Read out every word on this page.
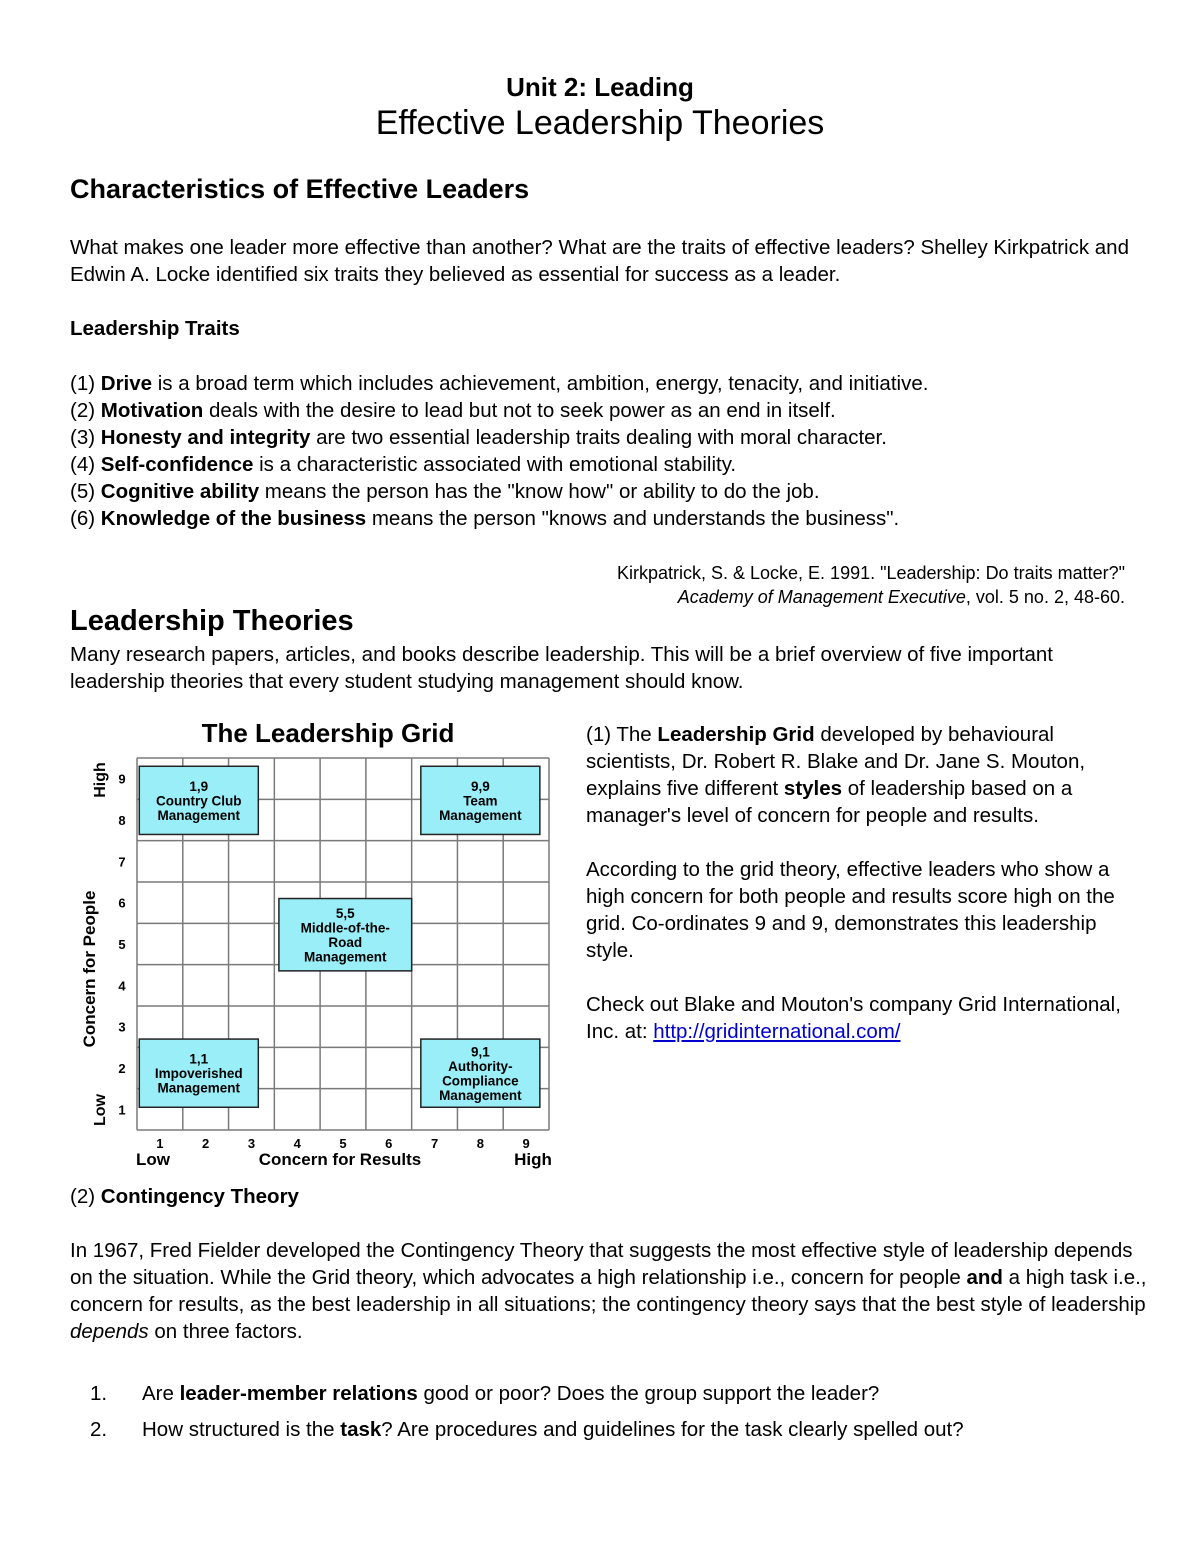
Unit 2: Leading
Effective Leadership Theories
Characteristics of Effective Leaders
What makes one leader more effective than another? What are the traits of effective leaders? Shelley Kirkpatrick and Edwin A. Locke identified six traits they believed as essential for success as a leader.
Leadership Traits
(1) Drive is a broad term which includes achievement, ambition, energy, tenacity, and initiative.
(2) Motivation deals with the desire to lead but not to seek power as an end in itself.
(3) Honesty and integrity are two essential leadership traits dealing with moral character.
(4) Self-confidence is a characteristic associated with emotional stability.
(5) Cognitive ability means the person has the "know how" or ability to do the job.
(6) Knowledge of the business means the person "knows and understands the business".
Kirkpatrick, S. & Locke, E. 1991. "Leadership: Do traits matter?"
Academy of Management Executive, vol. 5 no. 2, 48-60.
Leadership Theories
Many research papers, articles, and books describe leadership. This will be a brief overview of five important leadership theories that every student studying management should know.
The Leadership Grid
1,9
Country Club
Management
9,9
Team
Management
5,5
Middle-of-the-
Road
Management
1,1
Impoverished
Management
9,1
Authority-
Compliance
Management
1
2
3
4
5
6
7
8
9
1	2	3	4	5	6	7	8	9
High
Low
Concern for People
Low	Concern for Results	High

(1) The Leadership Grid developed by behavioural scientists, Dr. Robert R. Blake and Dr. Jane S. Mouton, explains five different styles of leadership based on a manager's level of concern for people and results.

According to the grid theory, effective leaders who show a high concern for both people and results score high on the grid. Co-ordinates 9 and 9, demonstrates this leadership style.

Check out Blake and Mouton's company Grid International, Inc. at: http://gridinternational.com/

(2) Contingency Theory
In 1967, Fred Fielder developed the Contingency Theory that suggests the most effective style of leadership depends on the situation. While the Grid theory, which advocates a high relationship i.e., concern for people and a high task i.e., concern for results, as the best leadership in all situations; the contingency theory says that the best style of leadership depends on three factors.
1. Are leader-member relations good or poor? Does the group support the leader?
2. How structured is the task? Are procedures and guidelines for the task clearly spelled out?
